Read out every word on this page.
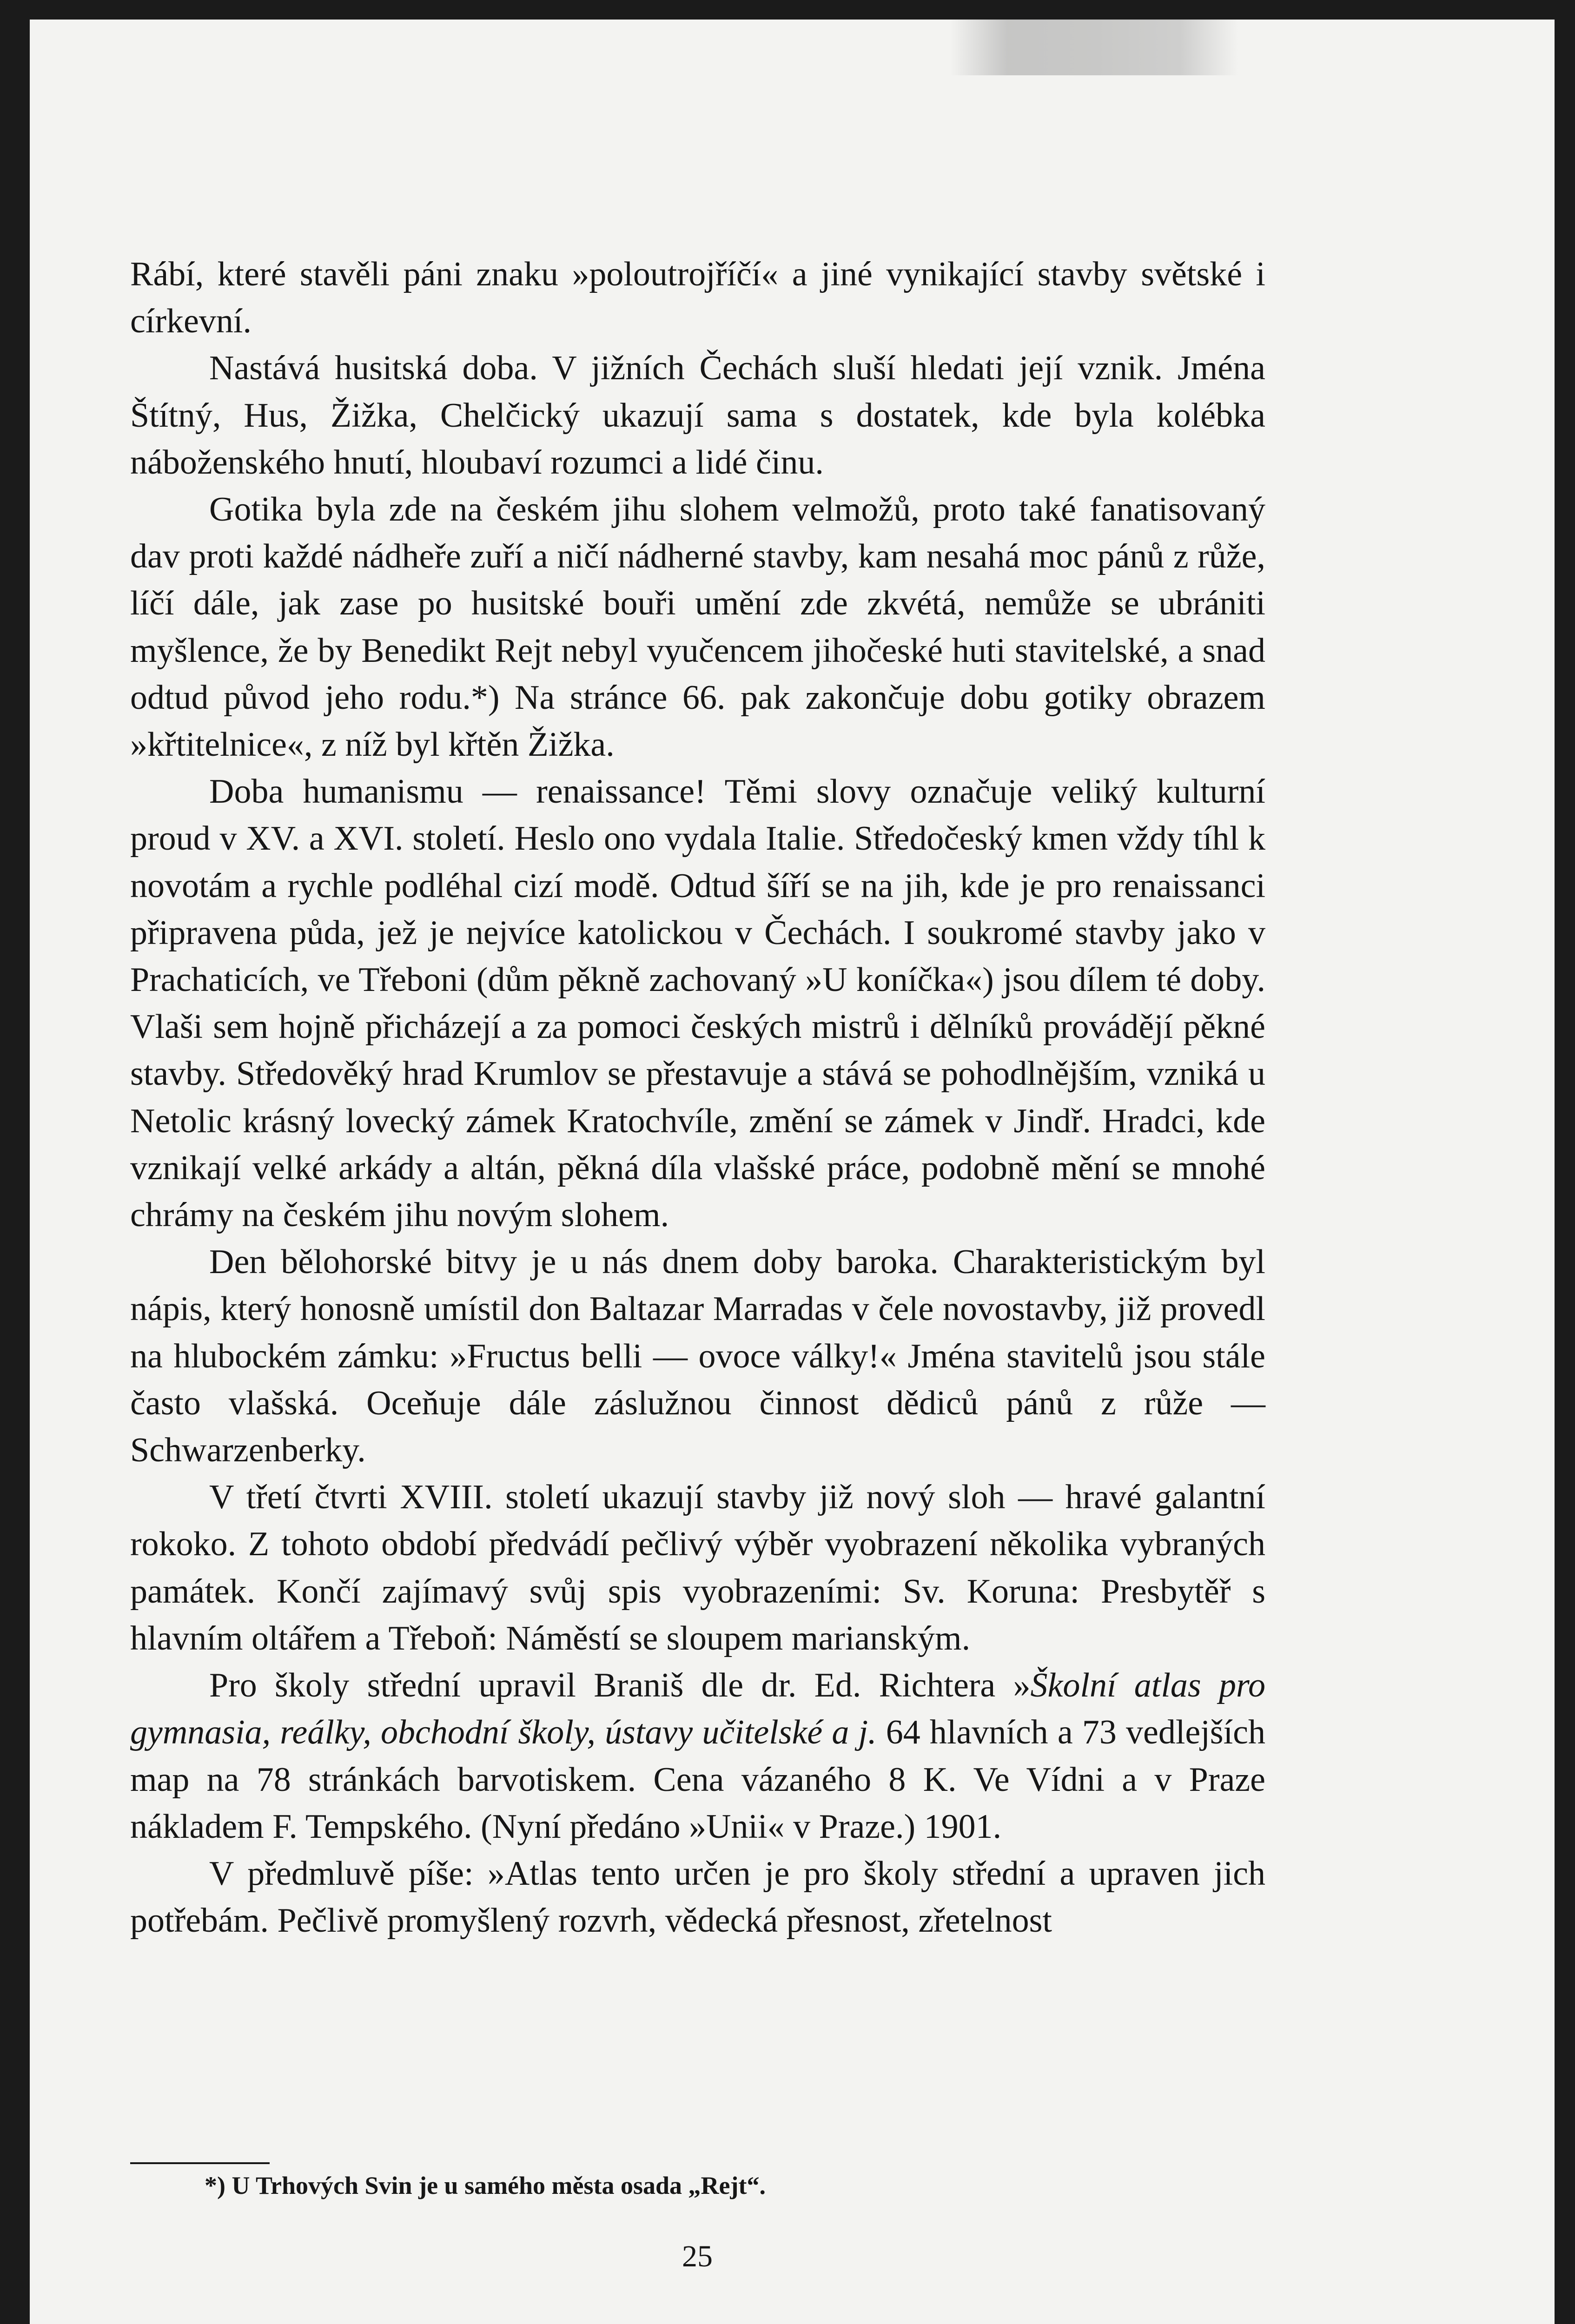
Rábí, které stavěli páni znaku »poloutrojříčí« a jiné vynikající stavby světské i církevní.

Nastává husitská doba. V jižních Čechách sluší hledati její vznik. Jména Štítný, Hus, Žižka, Chelčický ukazují sama s dostatek, kde byla kolébka náboženského hnutí, hloubaví rozumci a lidé činu.

Gotika byla zde na českém jihu slohem velmožů, proto také fanatisovaný dav proti každé nádheře zuří a ničí nádherné stavby, kam nesahá moc pánů z růže, líčí dále, jak zase po husitské bouři umění zde zkvétá, nemůže se ubrániti myšlence, že by Benedikt Rejt nebyl vyučencem jihočeské huti stavitelské, a snad odtud původ jeho rodu.*) Na stránce 66. pak zakončuje dobu gotiky obrazem »křtitelnice«, z níž byl křtěn Žižka.

Doba humanismu — renaissance! Těmi slovy označuje veliký kulturní proud v XV. a XVI. století. Heslo ono vydala Italie. Středočeský kmen vždy tíhl k novotám a rychle podléhal cizí modě. Odtud šíří se na jih, kde je pro renaissanci připravena půda, jež je nejvíce katolickou v Čechách. I soukromé stavby jako v Prachaticích, ve Třeboni (dům pěkně zachovaný »U koníčka«) jsou dílem té doby. Vlaši sem hojně přicházejí a za pomoci českých mistrů i dělníků provádějí pěkné stavby. Středověký hrad Krumlov se přestavuje a stává se pohodlnějším, vzniká u Netolic krásný lovecký zámek Kratochvíle, změní se zámek v Jindř. Hradci, kde vznikají velké arkády a altán, pěkná díla vlašské práce, podobně mění se mnohé chrámy na českém jihu novým slohem.

Den bělohorské bitvy je u nás dnem doby baroka. Charakteristickým byl nápis, který honosně umístil don Baltazar Marradas v čele novostavby, již provedl na hlubockém zámku: »Fructus belli — ovoce války!« Jména stavitelů jsou stále často vlašská. Oceňuje dále záslužnou činnost dědiců pánů z růže — Schwarzenberky.

V třetí čtvrti XVIII. století ukazují stavby již nový sloh — hravé galantní rokoko. Z tohoto období předvádí pečlivý výběr vyobrazení několika vybraných památek. Končí zajímavý svůj spis vyobrazeními: Sv. Koruna: Presbytěř s hlavním oltářem a Třeboň: Náměstí se sloupem marianským.

Pro školy střední upravil Braniš dle dr. Ed. Richtera »Školní atlas pro gymnasia, reálky, obchodní školy, ústavy učitelské a j. 64 hlavních a 73 vedlejších map na 78 stránkách barvotiskem. Cena vázaného 8 K. Ve Vídni a v Praze nákladem F. Tempského. (Nyní předáno »Unii« v Praze.) 1901.

V předmluvě píše: »Atlas tento určen je pro školy střední a upraven jich potřebám. Pečlivě promyšlený rozvrh, vědecká přesnost, zřetelnost

*) U Trhových Svin je u samého města osada „Rejt“.
25
